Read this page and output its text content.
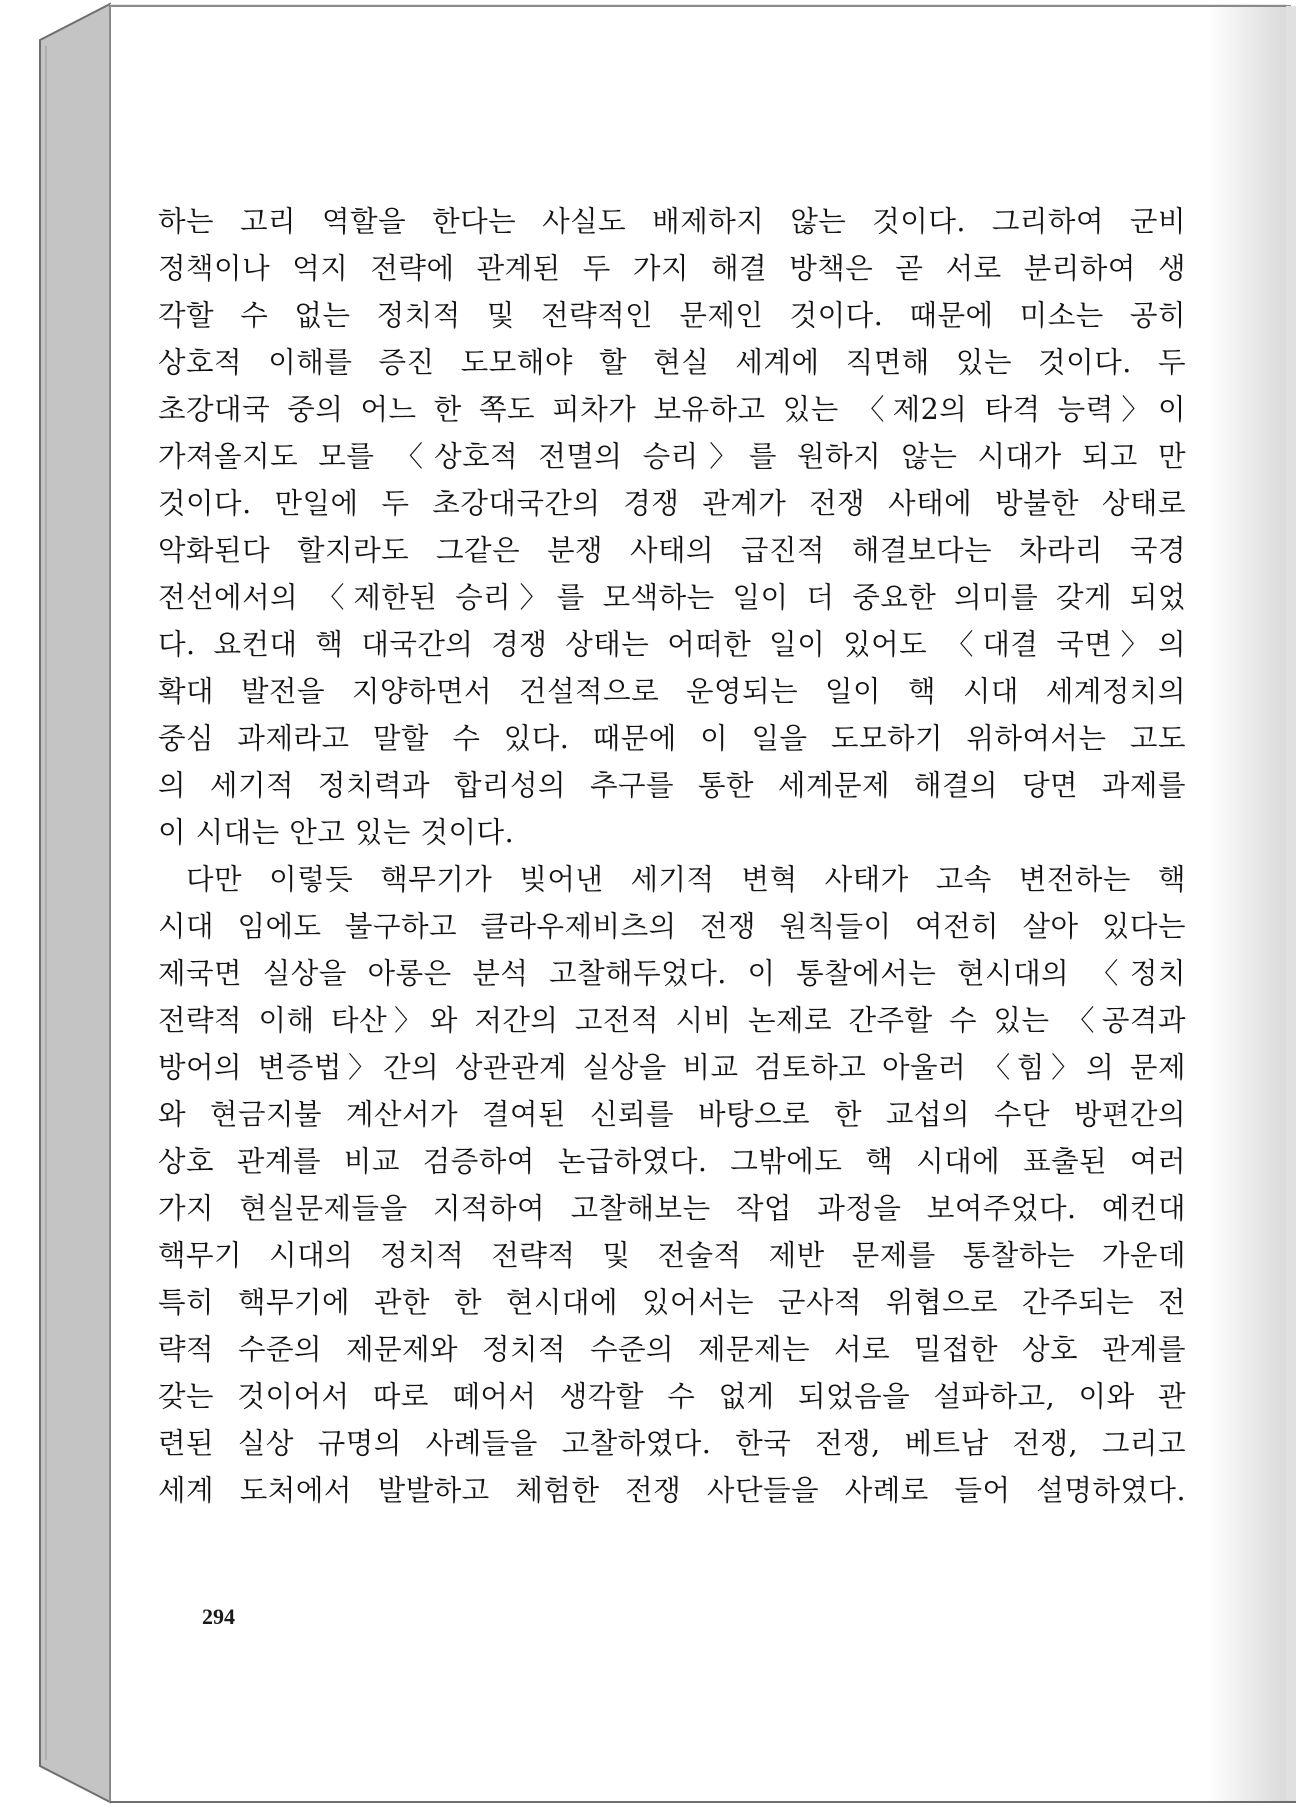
하는 고리 역할을 한다는 사실도 배제하지 않는 것이다. 그리하여 군비
정책이나 억지 전략에 관계된 두 가지 해결 방책은 곧 서로 분리하여 생
각할 수 없는 정치적 및 전략적인 문제인 것이다. 때문에 미소는 공히
상호적 이해를 증진 도모해야 할 현실 세계에 직면해 있는 것이다. 두
초강대국 중의 어느 한 쪽도 피차가 보유하고 있는 〈제2의 타격 능력〉이
가져올지도 모를 〈상호적 전멸의 승리〉를 원하지 않는 시대가 되고 만
것이다. 만일에 두 초강대국간의 경쟁 관계가 전쟁 사태에 방불한 상태로
악화된다 할지라도 그같은 분쟁 사태의 급진적 해결보다는 차라리 국경
전선에서의 〈제한된 승리〉를 모색하는 일이 더 중요한 의미를 갖게 되었
다. 요컨대 핵 대국간의 경쟁 상태는 어떠한 일이 있어도 〈대결 국면〉의
확대 발전을 지양하면서 건설적으로 운영되는 일이 핵 시대 세계정치의
중심 과제라고 말할 수 있다. 때문에 이 일을 도모하기 위하여서는 고도
의 세기적 정치력과 합리성의 추구를 통한 세계문제 해결의 당면 과제를
이 시대는 안고 있는 것이다.
다만 이렇듯 핵무기가 빚어낸 세기적 변혁 사태가 고속 변전하는 핵
시대 임에도 불구하고 클라우제비츠의 전쟁 원칙들이 여전히 살아 있다는
제국면 실상을 아롱은 분석 고찰해두었다. 이 통찰에서는 현시대의 〈정치
전략적 이해 타산〉와 저간의 고전적 시비 논제로 간주할 수 있는 〈공격과
방어의 변증법〉간의 상관관계 실상을 비교 검토하고 아울러 〈힘〉의 문제
와 현금지불 계산서가 결여된 신뢰를 바탕으로 한 교섭의 수단 방편간의
상호 관계를 비교 검증하여 논급하였다. 그밖에도 핵 시대에 표출된 여러
가지 현실문제들을 지적하여 고찰해보는 작업 과정을 보여주었다. 예컨대
핵무기 시대의 정치적 전략적 및 전술적 제반 문제를 통찰하는 가운데
특히 핵무기에 관한 한 현시대에 있어서는 군사적 위협으로 간주되는 전
략적 수준의 제문제와 정치적 수준의 제문제는 서로 밀접한 상호 관계를
갖는 것이어서 따로 떼어서 생각할 수 없게 되었음을 설파하고, 이와 관
련된 실상 규명의 사례들을 고찰하였다. 한국 전쟁, 베트남 전쟁, 그리고
세계 도처에서 발발하고 체험한 전쟁 사단들을 사례로 들어 설명하였다.
294
